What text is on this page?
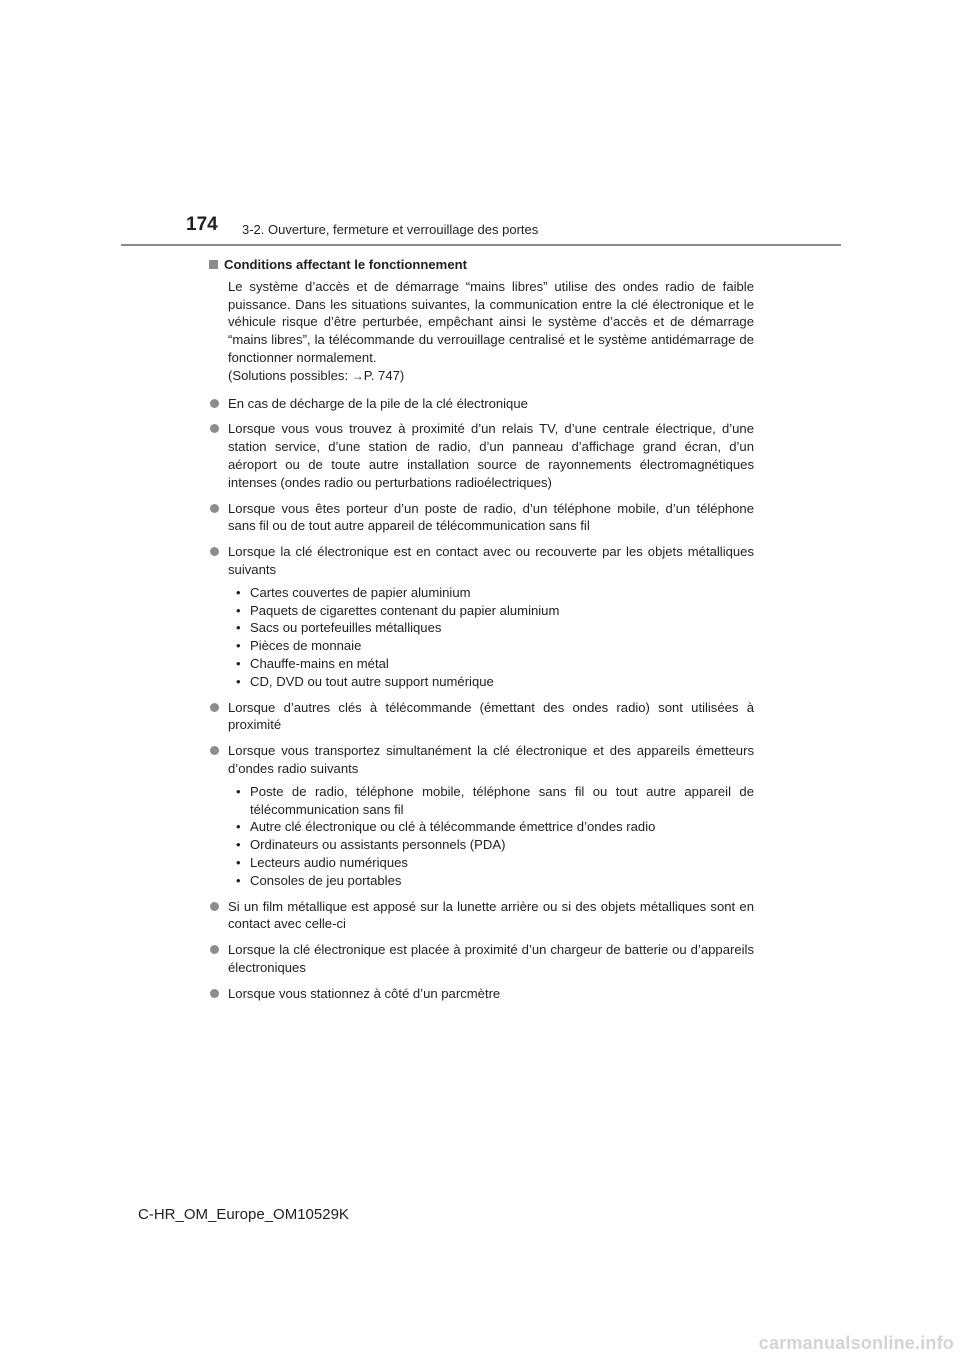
174 3-2. Ouverture, fermeture et verrouillage des portes
Conditions affectant le fonctionnement

Le système d’accès et de démarrage “mains libres” utilise des ondes radio de faible puissance. Dans les situations suivantes, la communication entre la clé électronique et le véhicule risque d’être perturbée, empêchant ainsi le système d’accès et de démarrage “mains libres”, la télécommande du verrouillage centralisé et le système antidémarrage de fonctionner normalement.

(Solutions possibles: →P. 747)

En cas de décharge de la pile de la clé électronique
Lorsque vous vous trouvez à proximité d’un relais TV, d’une centrale électrique, d’une station service, d’une station de radio, d’un panneau d’affichage grand écran, d’un aéroport ou de toute autre installation source de rayonnements électromagnétiques intenses (ondes radio ou perturbations radioélectriques)
Lorsque vous êtes porteur d’un poste de radio, d’un téléphone mobile, d’un téléphone sans fil ou de tout autre appareil de télécommunication sans fil
Lorsque la clé électronique est en contact avec ou recouverte par les objets métalliques suivants
• Cartes couvertes de papier aluminium
• Paquets de cigarettes contenant du papier aluminium
• Sacs ou portefeuilles métalliques
• Pièces de monnaie
• Chauffe-mains en métal
• CD, DVD ou tout autre support numérique
Lorsque d’autres clés à télécommande (émettant des ondes radio) sont utilisées à proximité
Lorsque vous transportez simultanément la clé électronique et des appareils émetteurs d’ondes radio suivants
• Poste de radio, téléphone mobile, téléphone sans fil ou tout autre appareil de télécommunication sans fil
• Autre clé électronique ou clé à télécommande émettrice d’ondes radio
• Ordinateurs ou assistants personnels (PDA)
• Lecteurs audio numériques
• Consoles de jeu portables
Si un film métallique est apposé sur la lunette arrière ou si des objets métalliques sont en contact avec celle-ci
Lorsque la clé électronique est placée à proximité d’un chargeur de batterie ou d’appareils électroniques
Lorsque vous stationnez à côté d’un parcmètre
C-HR_OM_Europe_OM10529K
carmanualsonline.info
